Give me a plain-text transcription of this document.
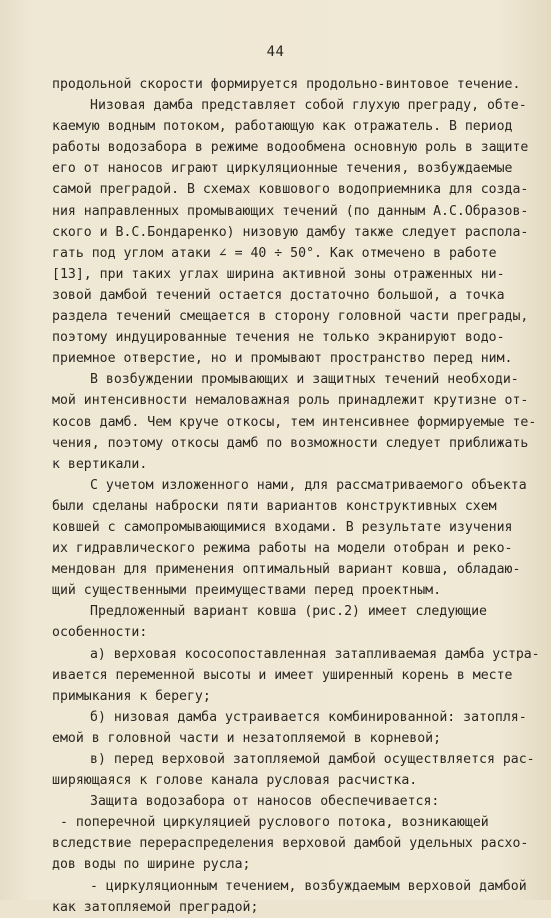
44
продольной скорости формируется продольно-винтовое течение.
Низовая дамба представляет собой глухую преграду, обте-
каемую водным потоком, работающую как отражатель. В период
работы водозабора в режиме водообмена основную роль в защите
его от наносов играют циркуляционные течения, возбуждаемые
самой преградой. В схемах ковшового водоприемника для созда-
ния направленных промывающих течений (по данным А.С.Образов-
ского и В.С.Бондаренко) низовую дамбу также следует распола-
гать под углом атаки ∠ = 40 ÷ 50°. Как отмечено в работе
[13], при таких углах ширина активной зоны отраженных ни-
зовой дамбой течений остается достаточно большой, а точка
раздела течений смещается в сторону головной части преграды,
поэтому индуцированные течения не только экранируют водо-
приемное отверстие, но и промывают пространство перед ним.
В возбуждении промывающих и защитных течений необходи-
мой интенсивности немаловажная роль принадлежит крутизне от-
косов дамб. Чем круче откосы, тем интенсивнее формируемые те-
чения, поэтому откосы дамб по возможности следует приближать
к вертикали.
С учетом изложенного нами, для рассматриваемого объекта
были сделаны наброски пяти вариантов конструктивных схем
ковшей с самопромывающимися входами. В результате изучения
их гидравлического режима работы на модели отобран и реко-
мендован для применения оптимальный вариант ковша, обладаю-
щий существенными преимуществами перед проектным.
Предложенный вариант ковша (рис.2) имеет следующие
особенности:
а) верховая кососопоставленная затапливаемая дамба устра-
ивается переменной высоты и имеет уширенный корень в месте
примыкания к берегу;
б) низовая дамба устраивается комбинированной: затопля-
емой в головной части и незатопляемой в корневой;
в) перед верховой затопляемой дамбой осуществляется рас-
ширяющаяся к голове канала русловая расчистка.
Защита водозабора от наносов обеспечивается:
- поперечной циркуляцией руслового потока, возникающей
вследствие перераспределения верховой дамбой удельных расхо-
дов воды по ширине русла;
- циркуляционным течением, возбуждаемым верховой дамбой
как затопляемой преградой;
